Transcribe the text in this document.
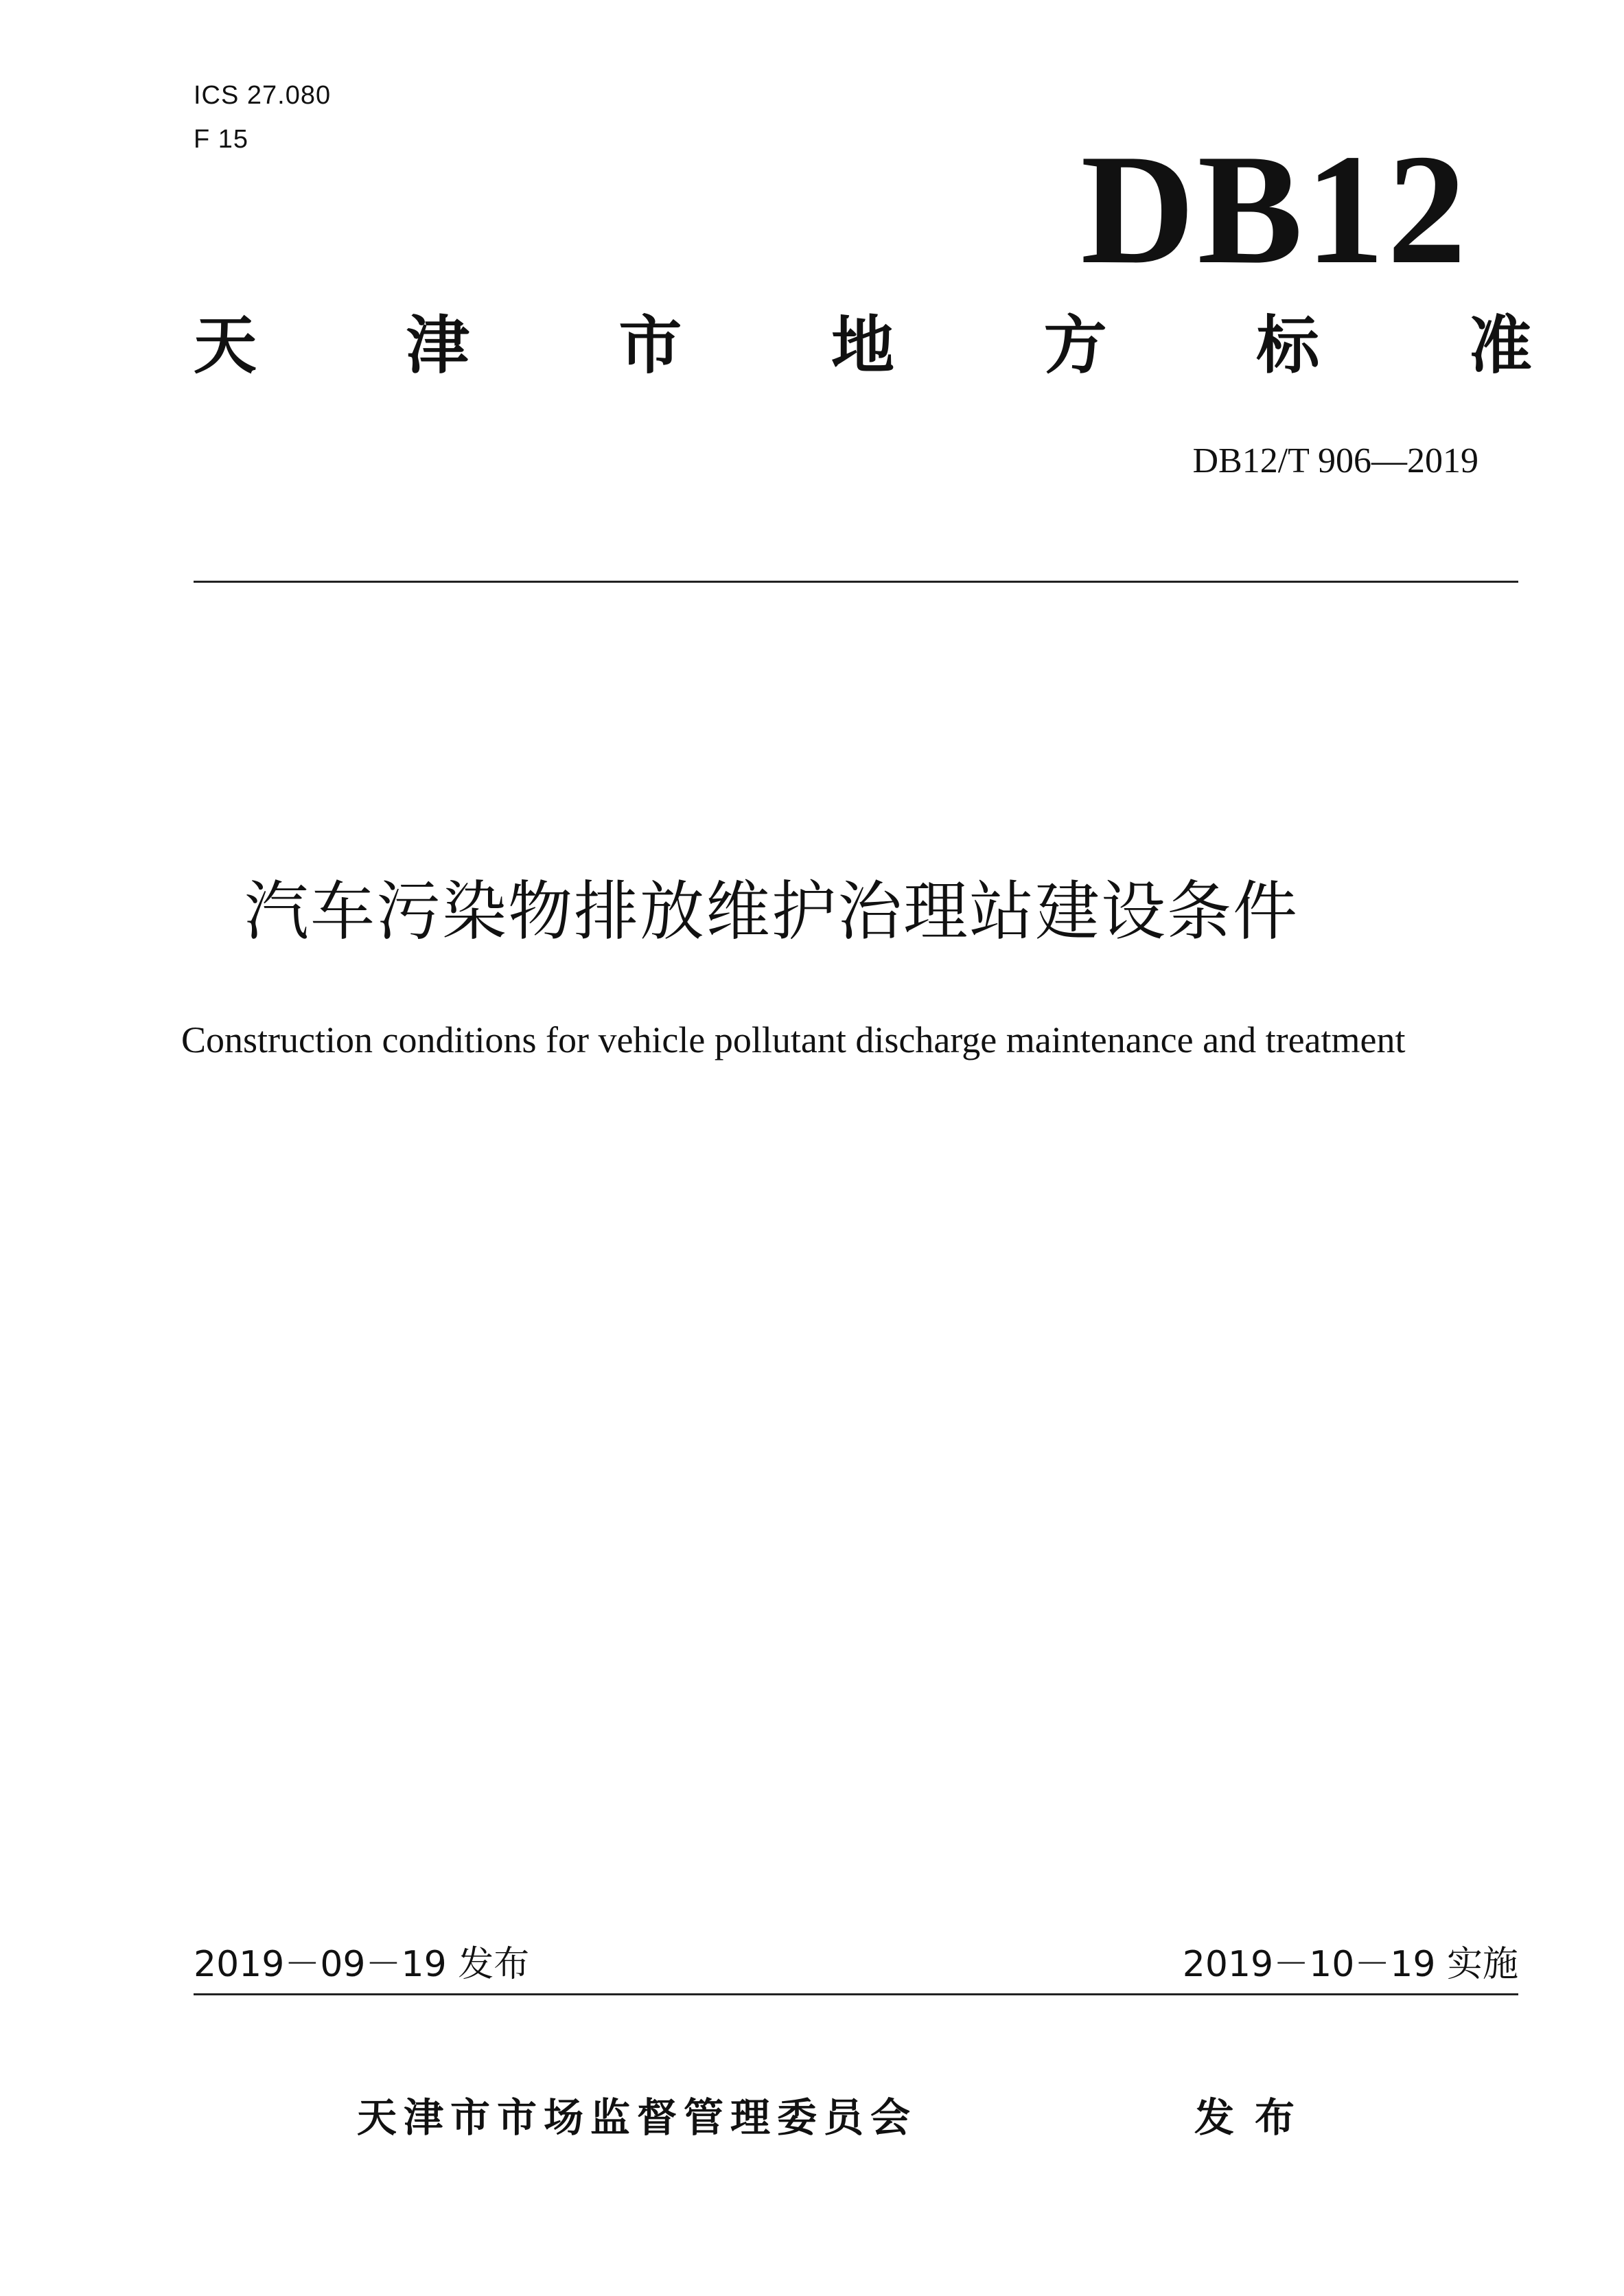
ICS 27.080
F 15	DB12
天 津 市 地 方 标 准
DB12/T 906—2019
汽车污染物排放维护治理站建设条件
Construction conditions for vehicle pollutant discharge maintenance and treatment
2019－09－19 发布	2019－10－19 实施
天津市市场监督管理委员会	发布
